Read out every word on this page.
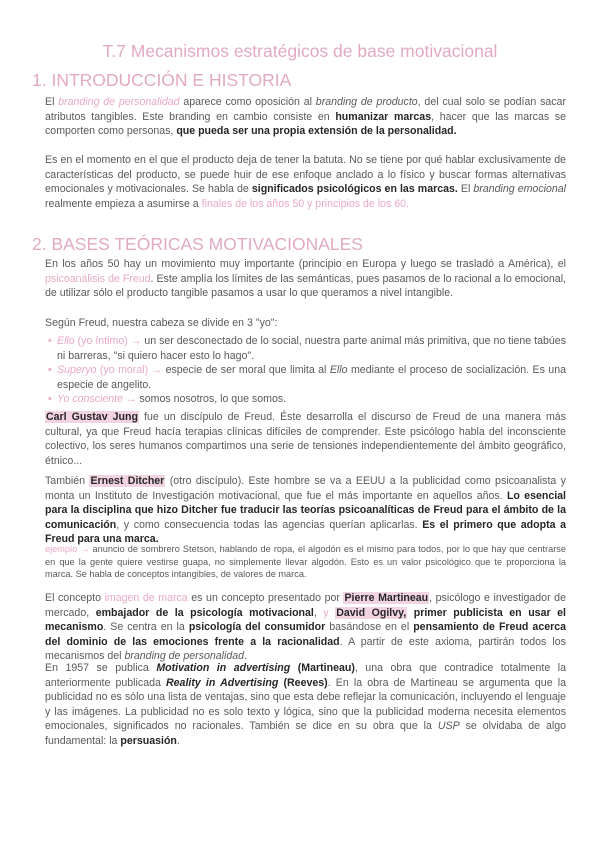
T.7 Mecanismos estratégicos de base motivacional
1. INTRODUCCIÓN E HISTORIA
El branding de personalidad aparece como oposición al branding de producto, del cual solo se podían sacar atributos tangibles. Este branding en cambio consiste en humanizar marcas, hacer que las marcas se comporten como personas, que pueda ser una propia extensión de la personalidad.
Es en el momento en el que el producto deja de tener la batuta. No se tiene por qué hablar exclusivamente de características del producto, se puede huir de ese enfoque anclado a lo físico y buscar formas alternativas emocionales y motivacionales. Se habla de significados psicológicos en las marcas. El branding emocional realmente empieza a asumirse a finales de los años 50 y principios de los 60.
2. BASES TEÓRICAS MOTIVACIONALES
En los años 50 hay un movimiento muy importante (principio en Europa y luego se trasladó a América), el psicoanálisis de Freud. Este amplía los límites de las semánticas, pues pasamos de lo racional a lo emocional, de utilizar sólo el producto tangible pasamos a usar lo que queramos a nivel intangible.
Según Freud, nuestra cabeza se divide en 3 "yo":
• Ello (yo íntimo) → un ser desconectado de lo social, nuestra parte animal más primitiva, que no tiene tabúes ni barreras, "si quiero hacer esto lo hago".
• Superyo (yo moral) → especie de ser moral que limita al Ello mediante el proceso de socialización. Es una especie de angelito.
• Yo consciente → somos nosotros, lo que somos.
Carl Gustav Jung fue un discípulo de Freud. Éste desarrolla el discurso de Freud de una manera más cultural, ya que Freud hacía terapias clínicas difíciles de comprender. Este psicólogo habla del inconsciente colectivo, los seres humanos compartimos una serie de tensiones independientemente del ámbito geográfico, étnico...
También Ernest Ditcher (otro discípulo). Este hombre se va a EEUU a la publicidad como psicoanalista y monta un Instituto de Investigación motivacional, que fue el más importante en aquellos años. Lo esencial para la disciplina que hizo Ditcher fue traducir las teorías psicoanalíticas de Freud para el ámbito de la comunicación, y como consecuencia todas las agencias querían aplicarlas. Es el primero que adopta a Freud para una marca.
ejemplo → anuncio de sombrero Stetson, hablando de ropa, el algodón es el mismo para todos, por lo que hay que centrarse en que la gente quiere vestirse guapa, no simplemente llevar algodón. Esto es un valor psicológico que te proporciona la marca. Se habla de conceptos intangibles, de valores de marca.
El concepto imagen de marca es un concepto presentado por Pierre Martineau, psicólogo e investigador de mercado, embajador de la psicología motivacional, y David Ogilvy, primer publicista en usar el mecanismo. Se centra en la psicología del consumidor basándose en el pensamiento de Freud acerca del dominio de las emociones frente a la racionalidad. A partir de este axioma, partirán todos los mecanismos del branding de personalidad.
En 1957 se publica Motivation in advertising (Martineau), una obra que contradice totalmente la anteriormente publicada Reality in Advertising (Reeves). En la obra de Martineau se argumenta que la publicidad no es sólo una lista de ventajas, sino que esta debe reflejar la comunicación, incluyendo el lenguaje y las imágenes. La publicidad no es solo texto y lógica, sino que la publicidad moderna necesita elementos emocionales, significados no racionales. También se dice en su obra que la USP se olvidaba de algo fundamental: la persuasión.
